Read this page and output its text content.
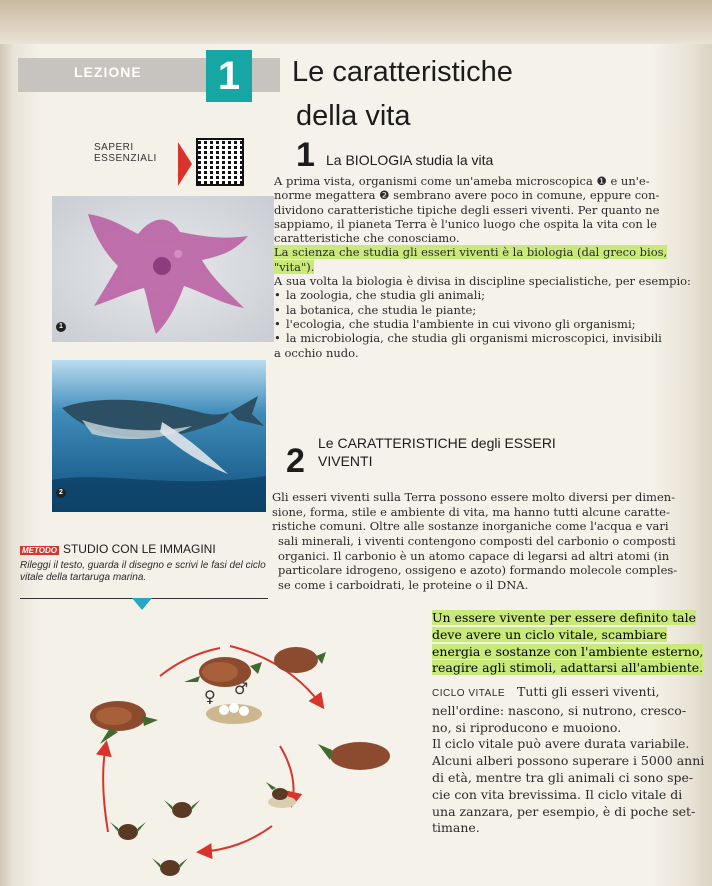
LEZIONE 1	Le caratteristiche
della vita
SAPERI
ESSENZIALI	1 La BIOLOGIA studia la vita
A prima vista, organismi come un'ameba microscopica ❶ e un'e-
norme megattera ❷ sembrano avere poco in comune, eppure con-
dividono caratteristiche tipiche degli esseri viventi. Per quanto ne
sappiamo, il pianeta Terra è l'unico luogo che ospita la vita con le
caratteristiche che conosciamo.
La scienza che studia gli esseri viventi è la biologia (dal greco bios,
"vita").
A sua volta la biologia è divisa in discipline specialistiche, per esempio:
• la zoologia, che studia gli animali;
• la botanica, che studia le piante;
• l'ecologia, che studia l'ambiente in cui vivono gli organismi;
• la microbiologia, che studia gli organismi microscopici, invisibili
a occhio nudo.
1
2
2 Le CARATTERISTICHE degli ESSERI
VIVENTI
Gli esseri viventi sulla Terra possono essere molto diversi per dimen-
sione, forma, stile e ambiente di vita, ma hanno tutti alcune caratte-
ristiche comuni. Oltre alle sostanze inorganiche come l'acqua e vari
sali minerali, i viventi contengono composti del carbonio o composti
organici. Il carbonio è un atomo capace di legarsi ad altri atomi (in
particolare idrogeno, ossigeno e azoto) formando molecole comples-
se come i carboidrati, le proteine o il DNA.
METODO STUDIO CON LE IMMAGINI
Rileggi il testo, guarda il disegno e scrivi le fasi del ciclo vitale della tartaruga marina.
Un essere vivente per essere definito tale
deve avere un ciclo vitale, scambiare
energia e sostanze con l'ambiente esterno,
reagire agli stimoli, adattarsi all'ambiente.
CICLO VITALE Tutti gli esseri viventi,
nell'ordine: nascono, si nutrono, cresco-
no, si riproducono e muoiono.
Il ciclo vitale può avere durata variabile.
Alcuni alberi possono superare i 5000 anni
di età, mentre tra gli animali ci sono spe-
cie con vita brevissima. Il ciclo vitale di
una zanzara, per esempio, è di poche set-
timane.
♀ ♂
